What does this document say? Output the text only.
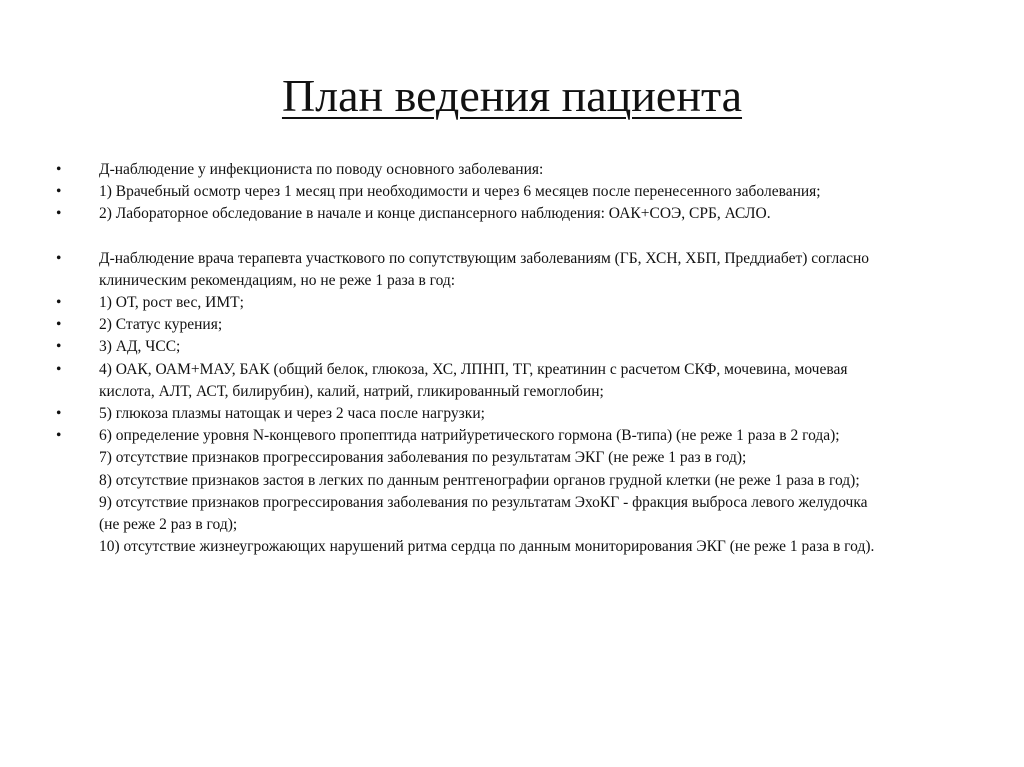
План ведения пациента
•	Д-наблюдение у инфекциониста по поводу основного заболевания:
•	1) Врачебный осмотр через 1 месяц при необходимости и через 6 месяцев после перенесенного заболевания;
•	2) Лабораторное обследование в начале и конце диспансерного наблюдения: ОАК+СОЭ, СРБ, АСЛО.
•	Д-наблюдение врача терапевта участкового по сопутствующим заболеваниям (ГБ, ХСН, ХБП, Преддиабет) согласно
клиническим рекомендациям, но не реже 1 раза в год:
•	1) ОТ, рост вес, ИМТ;
•	2) Статус курения;
•	3) АД, ЧСС;
•	4) ОАК, ОАМ+МАУ, БАК (общий белок, глюкоза, ХС, ЛПНП, ТГ, креатинин с расчетом СКФ, мочевина, мочевая
кислота, АЛТ, АСТ, билирубин), калий, натрий, гликированный гемоглобин;
•	5) глюкоза плазмы натощак и через 2 часа после нагрузки;
•	6) определение уровня N-концевого пропептида натрийуретического гормона (В-типа) (не реже 1 раза в 2 года);
7) отсутствие признаков прогрессирования заболевания по результатам ЭКГ (не реже 1 раз в год);
8) отсутствие признаков застоя в легких по данным рентгенографии органов грудной клетки (не реже 1 раза в год);
9) отсутствие признаков прогрессирования заболевания по результатам ЭхоКГ - фракция выброса левого желудочка
(не реже 2 раз в год);
10) отсутствие жизнеугрожающих нарушений ритма сердца по данным мониторирования ЭКГ (не реже 1 раза в год).
